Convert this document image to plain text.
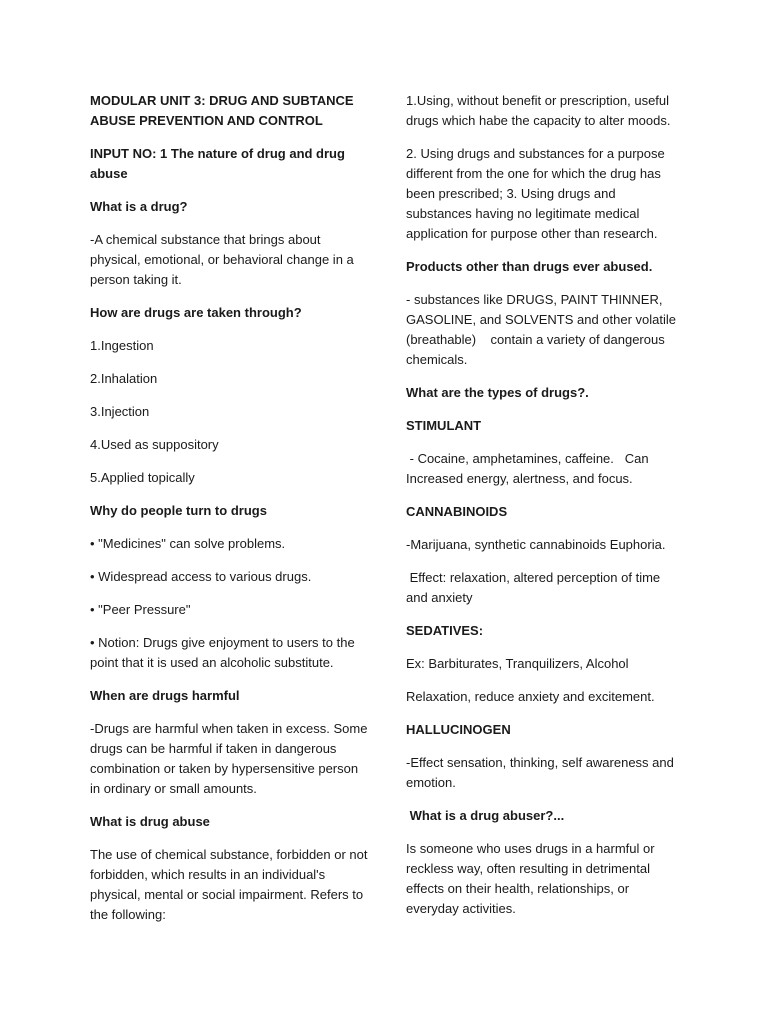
MODULAR UNIT 3: DRUG AND SUBTANCE ABUSE PREVENTION AND CONTROL

INPUT NO: 1 The nature of drug and drug abuse

What is a drug?

-A chemical substance that brings about physical, emotional, or behavioral change in a person taking it.

How are drugs are taken through?

1.Ingestion

2.Inhalation

3.Injection

4.Used as suppository

5.Applied topically

Why do people turn to drugs

• "Medicines" can solve problems.

• Widespread access to various drugs.

• "Peer Pressure"

• Notion: Drugs give enjoyment to users to the point that it is used an alcoholic substitute.

When are drugs harmful

-Drugs are harmful when taken in excess. Some drugs can be harmful if taken in dangerous combination or taken by hypersensitive person in ordinary or small amounts.

What is drug abuse

The use of chemical substance, forbidden or not forbidden, which results in an individual's physical, mental or social impairment. Refers to the following:

1.Using, without benefit or prescription, useful drugs which habe the capacity to alter moods.

2. Using drugs and substances for a purpose different from the one for which the drug has been prescribed; 3. Using drugs and substances having no legitimate medical application for purpose other than research.

Products other than drugs ever abused.

- substances like DRUGS, PAINT THINNER, GASOLINE, and SOLVENTS and other volatile (breathable)    contain a variety of dangerous chemicals.

What are the types of drugs?.

STIMULANT

- Cocaine, amphetamines, caffeine.   Can Increased energy, alertness, and focus.

CANNABINOIDS

-Marijuana, synthetic cannabinoids Euphoria.

Effect: relaxation, altered perception of time and anxiety

SEDATIVES:

Ex: Barbiturates, Tranquilizers, Alcohol

Relaxation, reduce anxiety and excitement.

HALLUCINOGEN

-Effect sensation, thinking, self awareness and emotion.

What is a drug abuser?...

Is someone who uses drugs in a harmful or reckless way, often resulting in detrimental effects on their health, relationships, or everyday activities.
